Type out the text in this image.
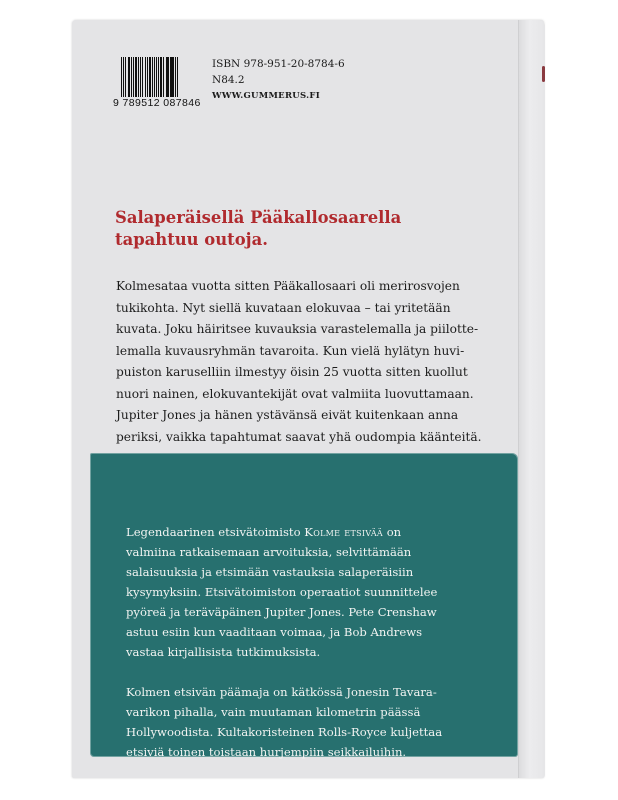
9 789512 087846
ISBN 978-951-20-8784-6
N84.2
WWW.GUMMERUS.FI
Salaperäisellä Pääkallosaarella
tapahtuu outoja.
Kolmesataa vuotta sitten Pääkallosaari oli merirosvojen
tukikohta. Nyt siellä kuvataan elokuvaa – tai yritetään
kuvata. Joku häiritsee kuvauksia varastelemalla ja piilotte-
lemalla kuvausryhmän tavaroita. Kun vielä hylätyn huvi-
puiston karuselliin ilmestyy öisin 25 vuotta sitten kuollut
nuori nainen, elokuvantekijät ovat valmiita luovuttamaan.
Jupiter Jones ja hänen ystävänsä eivät kuitenkaan anna
periksi, vaikka tapahtumat saavat yhä oudompia käänteitä.
Legendaarinen etsivätoimisto Kolme etsivää on
valmiina ratkaisemaan arvoituksia, selvittämään
salaisuuksia ja etsimään vastauksia salaperäisiin
kysymyksiin. Etsivätoimiston operaatiot suunnittelee
pyöreä ja teräväpäinen Jupiter Jones. Pete Crenshaw
astuu esiin kun vaaditaan voimaa, ja Bob Andrews
vastaa kirjallisista tutkimuksista.
Kolmen etsivän päämaja on kätkössä Jonesin Tavara-
varikon pihalla, vain muutaman kilometrin päässä
Hollywoodista. Kultakoristeinen Rolls-Royce kuljettaa
etsiviä toinen toistaan hurjempiin seikkailuihin.
